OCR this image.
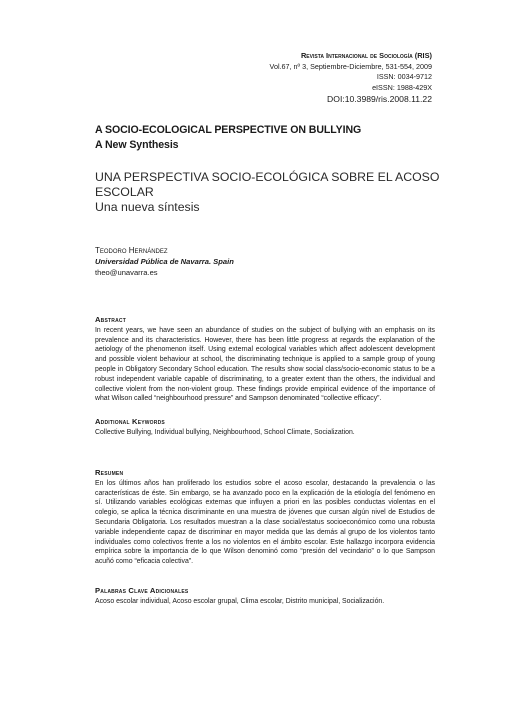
Revista Internacional de Sociología (RIS)
Vol.67, nº 3, Septiembre-Diciembre, 531-554, 2009
ISSN: 0034-9712
eISSN: 1988-429X
DOI:10.3989/ris.2008.11.22
A SOCIO-ECOLOGICAL PERSPECTIVE ON BULLYING
A New Synthesis
UNA PERSPECTIVA SOCIO-ECOLÓGICA SOBRE EL ACOSO ESCOLAR
Una nueva síntesis
Teodoro Hernández
Universidad Pública de Navarra. Spain
theo@unavarra.es
Abstract

In recent years, we have seen an abundance of studies on the subject of bullying with an emphasis on its prevalence and its characteristics. However, there has been little progress at regards the explanation of the aetiology of the phenomenon itself. Using external ecological variables which affect adolescent development and possible violent behaviour at school, the discriminating technique is applied to a sample group of young people in Obligatory Secondary School education. The results show social class/socio-economic status to be a robust independent variable capable of discriminating, to a greater extent than the others, the individual and collective violent from the non-violent group. These findings provide empirical evidence of the importance of what Wilson called “neighbourhood pressure” and Sampson denominated “collective efficacy”.

Additional Keywords

Collective Bullying, Individual bullying, Neighbourhood, School Climate, Socialization.

Resumen

En los últimos años han proliferado los estudios sobre el acoso escolar, destacando la prevalencia o las características de éste. Sin embargo, se ha avanzado poco en la explicación de la etiología del fenómeno en sí. Utilizando variables ecológicas externas que influyen a priori en las posibles conductas violentas en el colegio, se aplica la técnica discriminante en una muestra de jóvenes que cursan algún nivel de Estudios de Secundaria Obligatoria. Los resultados muestran a la clase social/estatus socioeconómico como una robusta variable independiente capaz de discriminar en mayor medida que las demás al grupo de los violentos tanto individuales como colectivos frente a los no violentos en el ámbito escolar. Este hallazgo incorpora evidencia empírica sobre la importancia de lo que Wilson denominó como “presión del vecindario” o lo que Sampson acuñó como “eficacia colectiva”.

Palabras Clave Adicionales

Acoso escolar individual, Acoso escolar grupal, Clima escolar, Distrito municipal, Socialización.
